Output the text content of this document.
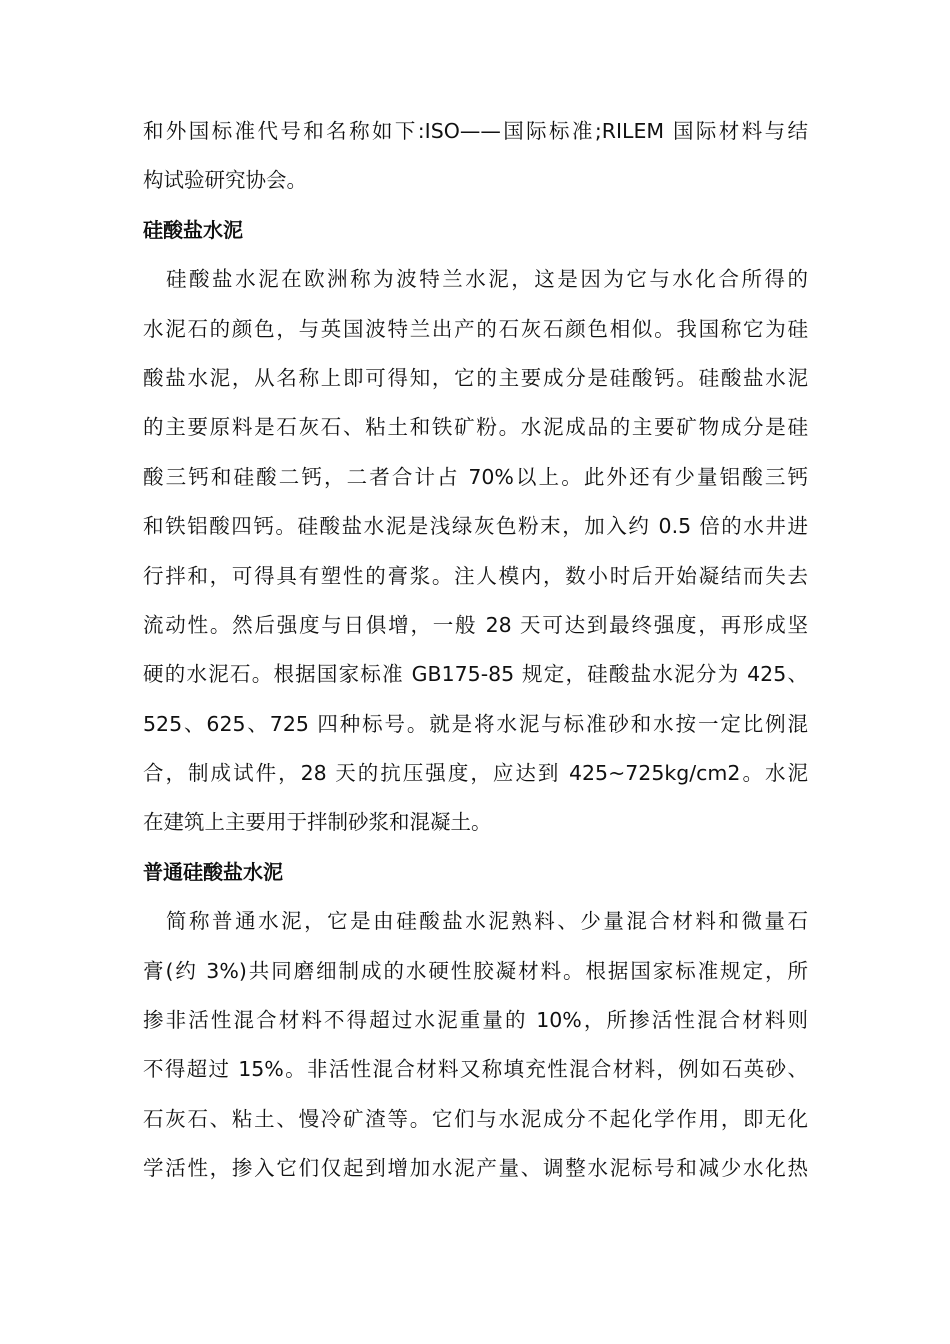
和外国标准代号和名称如下:ISO——国际标准;RILEM 国际材料与结
构试验研究协会。
硅酸盐水泥
　硅酸盐水泥在欧洲称为波特兰水泥，这是因为它与水化合所得的
水泥石的颜色，与英国波特兰出产的石灰石颜色相似。我国称它为硅
酸盐水泥，从名称上即可得知，它的主要成分是硅酸钙。硅酸盐水泥
的主要原料是石灰石、粘土和铁矿粉。水泥成品的主要矿物成分是硅
酸三钙和硅酸二钙，二者合计占 70%以上。此外还有少量铝酸三钙
和铁铝酸四钙。硅酸盐水泥是浅绿灰色粉末，加入约 0.5 倍的水井进
行拌和，可得具有塑性的膏浆。注人模内，数小时后开始凝结而失去
流动性。然后强度与日俱增，一般 28 天可达到最终强度，再形成坚
硬的水泥石。根据国家标准 GB175-85 规定，硅酸盐水泥分为 425、
525、625、725 四种标号。就是将水泥与标准砂和水按一定比例混
合，制成试件，28 天的抗压强度，应达到 425~725kg/cm2。水泥
在建筑上主要用于拌制砂浆和混凝土。
普通硅酸盐水泥
　简称普通水泥，它是由硅酸盐水泥熟料、少量混合材料和微量石
膏(约 3%)共同磨细制成的水硬性胶凝材料。根据国家标准规定，所
掺非活性混合材料不得超过水泥重量的 10%，所掺活性混合材料则
不得超过 15%。非活性混合材料又称填充性混合材料，例如石英砂、
石灰石、粘土、慢冷矿渣等。它们与水泥成分不起化学作用，即无化
学活性，掺入它们仅起到增加水泥产量、调整水泥标号和减少水化热
